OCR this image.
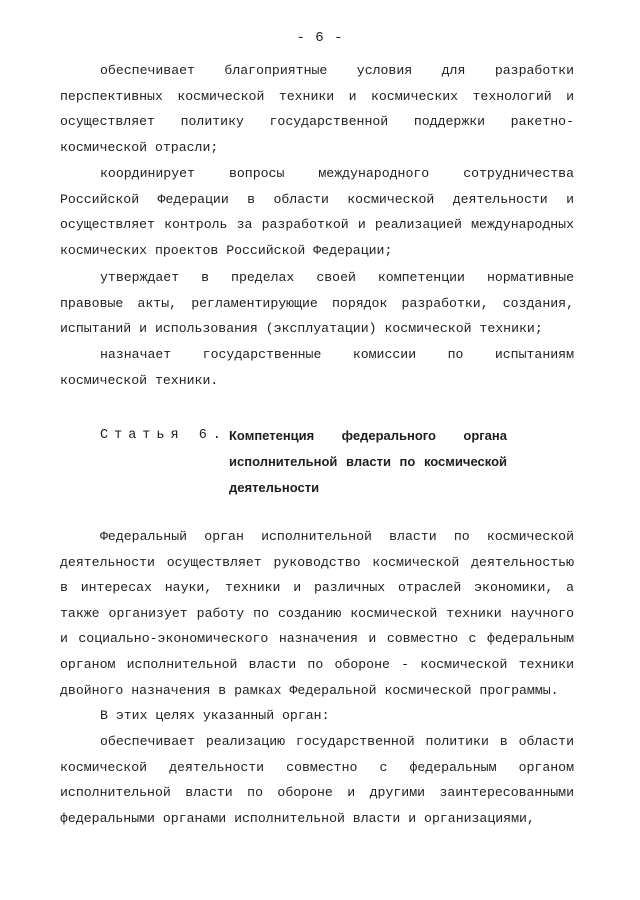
- 6 -

обеспечивает благоприятные условия для разработки перспективных космической техники и космических технологий и осуществляет политику государственной поддержки ракетно-космической отрасли;

координирует вопросы международного сотрудничества Российской Федерации в области космической деятельности и осуществляет контроль за разработкой и реализацией международных космических проектов Российской Федерации;

утверждает в пределах своей компетенции нормативные правовые акты, регламентирующие порядок разработки, создания, испытаний и использования (эксплуатации) космической техники;

назначает государственные комиссии по испытаниям космической техники.

Статья 6. Компетенция федерального органа исполнительной власти по космической деятельности

Федеральный орган исполнительной власти по космической деятельности осуществляет руководство космической деятельностью в интересах науки, техники и различных отраслей экономики, а также организует работу по созданию космической техники научного и социально-экономического назначения и совместно с федеральным органом исполнительной власти по обороне - космической техники двойного назначения в рамках Федеральной космической программы.

В этих целях указанный орган:

обеспечивает реализацию государственной политики в области космической деятельности совместно с федеральным органом исполнительной власти по обороне и другими заинтересованными федеральными органами исполнительной власти и организациями,
